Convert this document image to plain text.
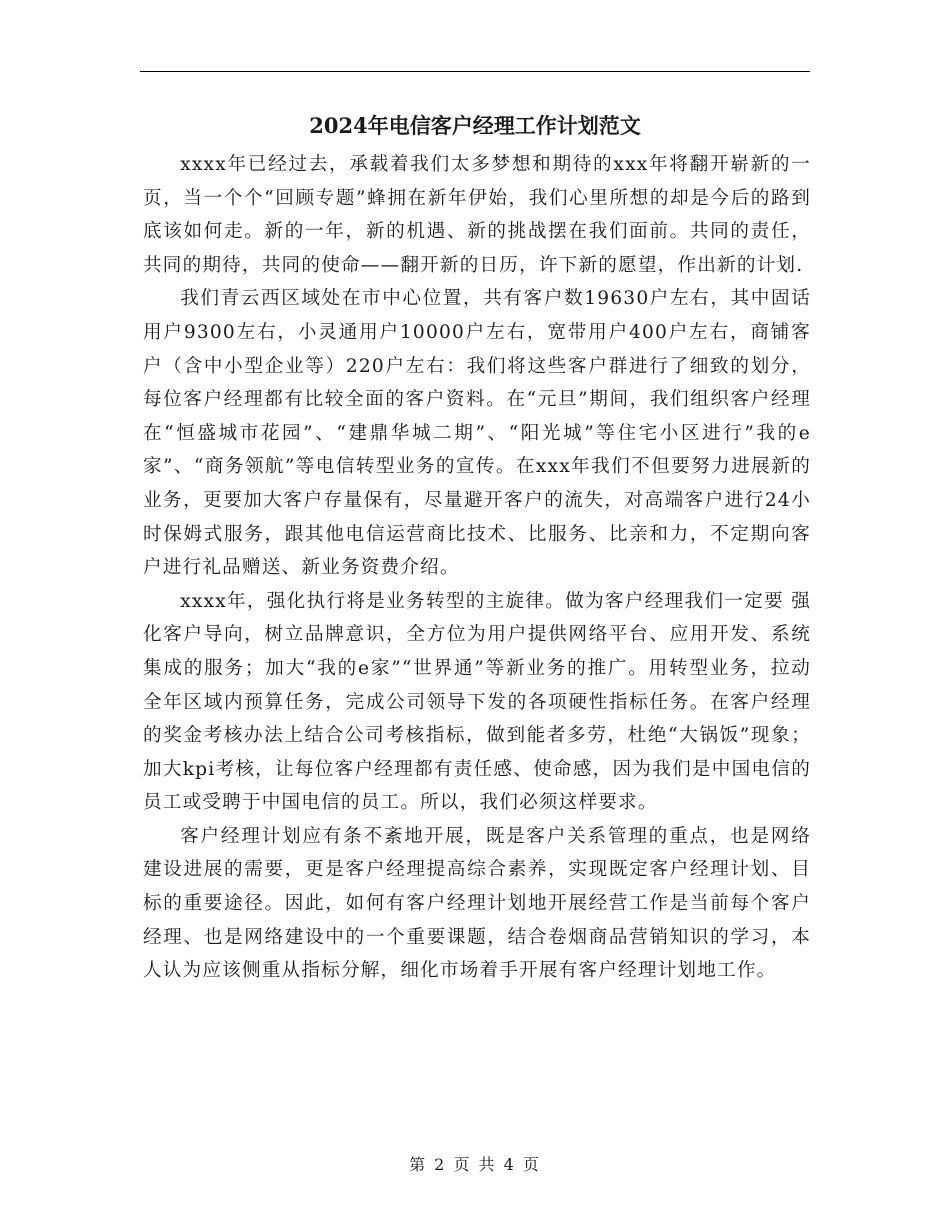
2024年电信客户经理工作计划范文

xxxx年已经过去，承载着我们太多梦想和期待的xxx年将翻开崭新的一页，当一个个“回顾专题”蜂拥在新年伊始，我们心里所想的却是今后的路到底该如何走。新的一年，新的机遇、新的挑战摆在我们面前。共同的责任，共同的期待，共同的使命——翻开新的日历，许下新的愿望，作出新的计划.

我们青云西区域处在市中心位置，共有客户数19630户左右，其中固话用户9300左右，小灵通用户10000户左右，宽带用户400户左右，商铺客户（含中小型企业等）220户左右：我们将这些客户群进行了细致的划分，每位客户经理都有比较全面的客户资料。在“元旦”期间，我们组织客户经理在“恒盛城市花园”、“建鼎华城二期”、“阳光城”等住宅小区进行”我的e家”、“商务领航”等电信转型业务的宣传。在xxx年我们不但要努力进展新的业务，更要加大客户存量保有，尽量避开客户的流失，对高端客户进行24小时保姆式服务，跟其他电信运营商比技术、比服务、比亲和力，不定期向客户进行礼品赠送、新业务资费介绍。

xxxx年，强化执行将是业务转型的主旋律。做为客户经理我们一定要 强化客户导向，树立品牌意识，全方位为用户提供网络平台、应用开发、系统集成的服务；加大“我的e家”“世界通”等新业务的推广。用转型业务，拉动全年区域内预算任务，完成公司领导下发的各项硬性指标任务。在客户经理的奖金考核办法上结合公司考核指标，做到能者多劳，杜绝“大锅饭”现象；加大kpi考核，让每位客户经理都有责任感、使命感，因为我们是中国电信的员工或受聘于中国电信的员工。所以，我们必须这样要求。

客户经理计划应有条不紊地开展，既是客户关系管理的重点，也是网络建设进展的需要，更是客户经理提高综合素养，实现既定客户经理计划、目标的重要途径。因此，如何有客户经理计划地开展经营工作是当前每个客户经理、也是网络建设中的一个重要课题，结合卷烟商品营销知识的学习，本人认为应该侧重从指标分解，细化市场着手开展有客户经理计划地工作。

第 2 页 共 4 页
